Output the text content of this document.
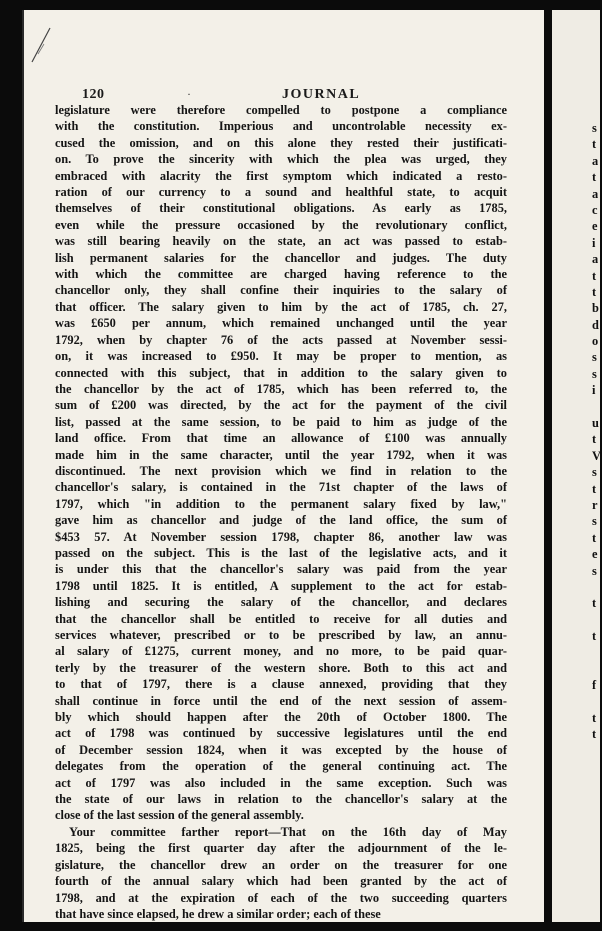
120	·	JOURNAL
legislature were therefore compelled to postpone a compliance
with the constitution. Imperious and uncontrolable necessity ex-
cused the omission, and on this alone they rested their justificati-
on. To prove the sincerity with which the plea was urged, they
embraced with alacrity the first symptom which indicated a resto-
ration of our currency to a sound and healthful state, to acquit
themselves of their constitutional obligations. As early as 1785,
even while the pressure occasioned by the revolutionary conflict,
was still bearing heavily on the state, an act was passed to estab-
lish permanent salaries for the chancellor and judges. The duty
with which the committee are charged having reference to the
chancellor only, they shall confine their inquiries to the salary of
that officer. The salary given to him by the act of 1785, ch. 27,
was £650 per annum, which remained unchanged until the year
1792, when by chapter 76 of the acts passed at November sessi-
on, it was increased to £950. It may be proper to mention, as
connected with this subject, that in addition to the salary given to
the chancellor by the act of 1785, which has been referred to, the
sum of £200 was directed, by the act for the payment of the civil
list, passed at the same session, to be paid to him as judge of the
land office. From that time an allowance of £100 was annually
made him in the same character, until the year 1792, when it was
discontinued. The next provision which we find in relation to the
chancellor's salary, is contained in the 71st chapter of the laws of
1797, which "in addition to the permanent salary fixed by law,"
gave him as chancellor and judge of the land office, the sum of
$453 57. At November session 1798, chapter 86, another law was
passed on the subject. This is the last of the legislative acts, and it
is under this that the chancellor's salary was paid from the year
1798 until 1825. It is entitled, A supplement to the act for estab-
lishing and securing the salary of the chancellor, and declares
that the chancellor shall be entitled to receive for all duties and
services whatever, prescribed or to be prescribed by law, an annu-
al salary of £1275, current money, and no more, to be paid quar-
terly by the treasurer of the western shore. Both to this act and
to that of 1797, there is a clause annexed, providing that they
shall continue in force until the end of the next session of assem-
bly which should happen after the 20th of October 1800. The
act of 1798 was continued by successive legislatures until the end
of December session 1824, when it was excepted by the house of
delegates from the operation of the general continuing act. The
act of 1797 was also included in the same exception. Such was
the state of our laws in relation to the chancellor's salary at the
close of the last session of the general assembly.
Your committee farther report—That on the 16th day of May
1825, being the first quarter day after the adjournment of the le-
gislature, the chancellor drew an order on the treasurer for one
fourth of the annual salary which had been granted by the act of
1798, and at the expiration of each of the two succeeding quarters
that have since elapsed, he drew a similar order; each of these
s
t
a
t
a
c
e
i
a
t
t
b
d
o
s
s
i
u
t
V
s
t
r
s
t
e
s
t
t
f
t
t
